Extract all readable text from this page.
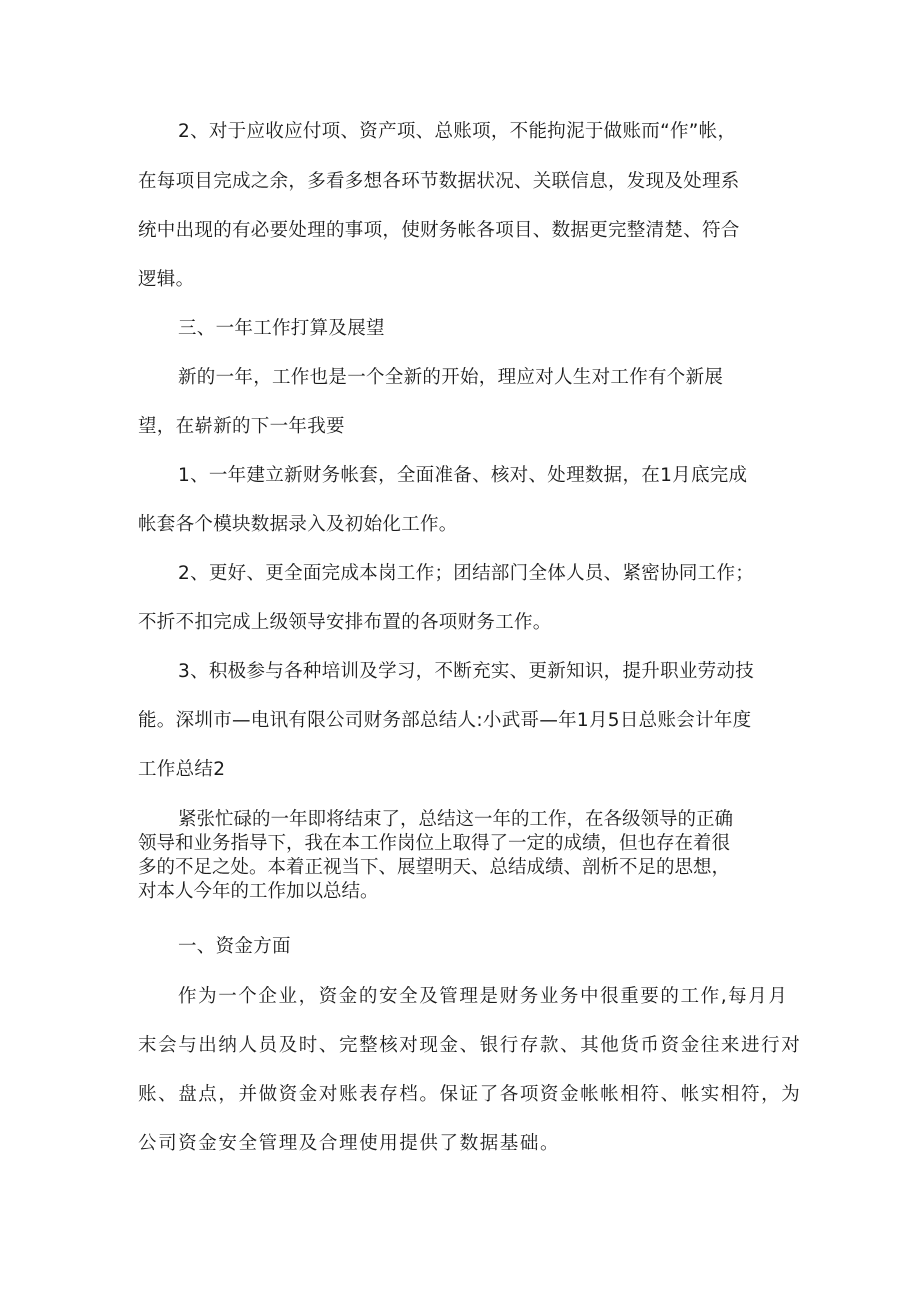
2、对于应收应付项、资产项、总账项，不能拘泥于做账而“作”帐，

在每项目完成之余，多看多想各环节数据状况、关联信息，发现及处理系

统中出现的有必要处理的事项，使财务帐各项目、数据更完整清楚、符合

逻辑。

三、一年工作打算及展望

新的一年，工作也是一个全新的开始，理应对人生对工作有个新展

望，在崭新的下一年我要

1、一年建立新财务帐套，全面准备、核对、处理数据，在1月底完成

帐套各个模块数据录入及初始化工作。

2、更好、更全面完成本岗工作；团结部门全体人员、紧密协同工作；

不折不扣完成上级领导安排布置的各项财务工作。

3、积极参与各种培训及学习，不断充实、更新知识，提升职业劳动技

能。深圳市—电讯有限公司财务部总结人:小武哥—年1月5日总账会计年度

工作总结2

紧张忙碌的一年即将结束了，总结这一年的工作，在各级领导的正确
领导和业务指导下，我在本工作岗位上取得了一定的成绩，但也存在着很
多的不足之处。本着正视当下、展望明天、总结成绩、剖析不足的思想，
对本人今年的工作加以总结。

一、资金方面

作为一个企业，资金的安全及管理是财务业务中很重要的工作,每月月

末会与出纳人员及时、完整核对现金、银行存款、其他货币资金往来进行对

账、盘点，并做资金对账表存档。保证了各项资金帐帐相符、帐实相符，为

公司资金安全管理及合理使用提供了数据基础。
